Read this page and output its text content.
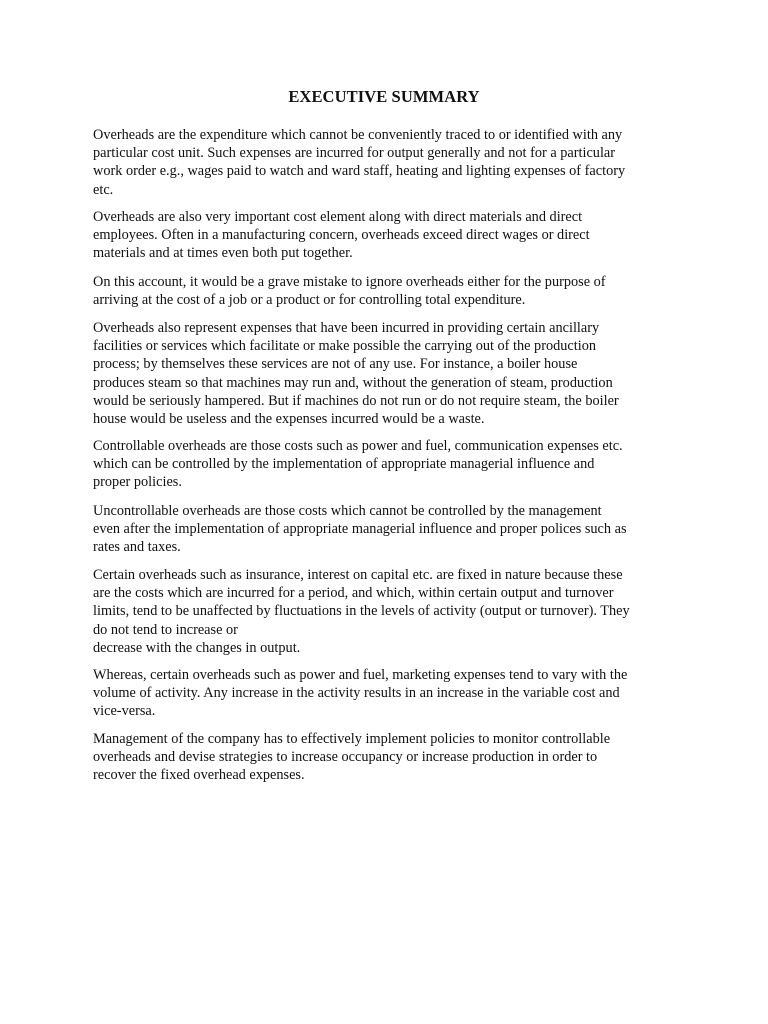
EXECUTIVE SUMMARY

Overheads are the expenditure which cannot be conveniently traced to or identified with any
particular cost unit. Such expenses are incurred for output generally and not for a particular
work order e.g., wages paid to watch and ward staff, heating and lighting expenses of factory
etc.

Overheads are also very important cost element along with direct materials and direct
employees. Often in a manufacturing concern, overheads exceed direct wages or direct
materials and at times even both put together.

On this account, it would be a grave mistake to ignore overheads either for the purpose of
arriving at the cost of a job or a product or for controlling total expenditure.

Overheads also represent expenses that have been incurred in providing certain ancillary
facilities or services which facilitate or make possible the carrying out of the production
process; by themselves these services are not of any use. For instance, a boiler house
produces steam so that machines may run and, without the generation of steam, production
would be seriously hampered. But if machines do not run or do not require steam, the boiler
house would be useless and the expenses incurred would be a waste.

Controllable overheads are those costs such as power and fuel, communication expenses etc.
which can be controlled by the implementation of appropriate managerial influence and
proper policies.

Uncontrollable overheads are those costs which cannot be controlled by the management
even after the implementation of appropriate managerial influence and proper polices such as
rates and taxes.

Certain overheads such as insurance, interest on capital etc. are fixed in nature because these
are the costs which are incurred for a period, and which, within certain output and turnover
limits, tend to be unaffected by fluctuations in the levels of activity (output or turnover). They
do not tend to increase or
decrease with the changes in output.

Whereas, certain overheads such as power and fuel, marketing expenses tend to vary with the
volume of activity. Any increase in the activity results in an increase in the variable cost and
vice-versa.

Management of the company has to effectively implement policies to monitor controllable
overheads and devise strategies to increase occupancy or increase production in order to
recover the fixed overhead expenses.
